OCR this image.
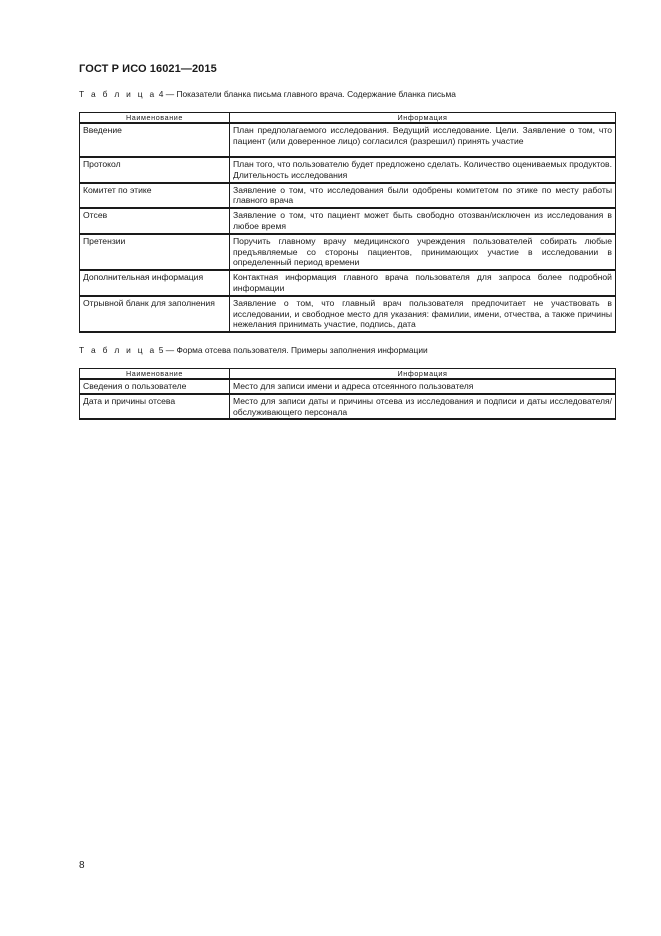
ГОСТ Р ИСО 16021—2015
Т а б л и ц а 4 — Показатели бланка письма главного врача. Содержание бланка письма
Наименование	Информация
Введение	План предполагаемого исследования. Ведущий исследование. Цели. Заявление о том, что пациент (или доверенное лицо) согласился (разрешил) принять участие
Протокол	План того, что пользователю будет предложено сделать. Количество оцениваемых продуктов. Длительность исследования
Комитет по этике	Заявление о том, что исследования были одобрены комитетом по этике по месту работы главного врача
Отсев	Заявление о том, что пациент может быть свободно отозван/исключен из исследования в любое время
Претензии	Поручить главному врачу медицинского учреждения пользователей собирать любые предъявляемые со стороны пациентов, принимающих участие в исследовании в определенный период времени
Дополнительная информация	Контактная информация главного врача пользователя для запроса более подробной информации
Отрывной бланк для заполнения	Заявление о том, что главный врач пользователя предпочитает не участвовать в исследовании, и свободное место для указания: фамилии, имени, отчества, а также причины нежелания принимать участие, подпись, дата
Т а б л и ц а 5 — Форма отсева пользователя. Примеры заполнения информации
Наименование	Информация
Сведения о пользователе	Место для записи имени и адреса отсеянного пользователя
Дата и причины отсева	Место для записи даты и причины отсева из исследования и подписи и даты исследователя/обслуживающего персонала
8
